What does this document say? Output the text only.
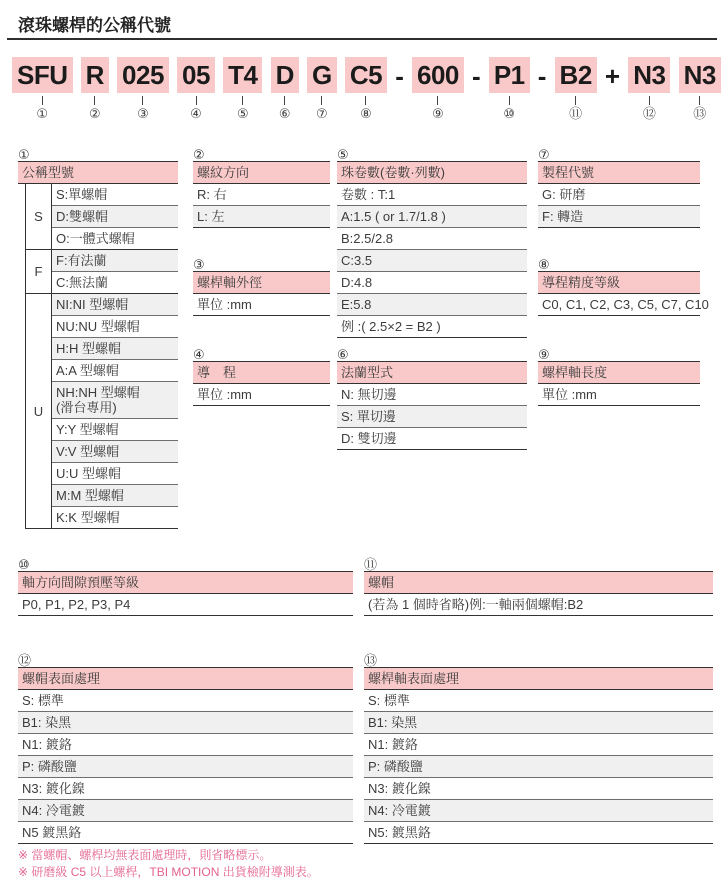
滾珠螺桿的公稱代號
SFU
①
R
②
025
③
05
④
T4
⑤
D
⑥
G
⑦
C5
⑧
- 600
⑨
- P1
⑩
- B2
⑪
+ N3
⑫
N3
⑬
①
公稱型號
S
S:單螺帽
D:雙螺帽
O:一體式螺帽
F
F:有法蘭
C:無法蘭
U
NI:NI 型螺帽
NU:NU 型螺帽
H:H 型螺帽
A:A 型螺帽
NH:NH 型螺帽
(滑台專用)
Y:Y 型螺帽
V:V 型螺帽
U:U 型螺帽
M:M 型螺帽
K:K 型螺帽
②
螺紋方向
R: 右
L: 左
③
螺桿軸外徑
單位 :mm
④
導　程
單位 :mm
⑤
珠卷數(卷數·列數)
卷數 : T:1
A:1.5 ( or 1.7/1.8 )
B:2.5/2.8
C:3.5
D:4.8
E:5.8
例 :( 2.5×2 = B2 )
⑥
法蘭型式
N: 無切邊
S: 單切邊
D: 雙切邊
⑦
製程代號
G: 研磨
F: 轉造
⑧
導程精度等級
C0, C1, C2, C3, C5, C7, C10
⑨
螺桿軸長度
單位 :mm
⑩
軸方向間隙預壓等級
P0, P1, P2, P3, P4
⑪
螺帽
(若為 1 個時省略)例:一軸兩個螺帽:B2
⑫
螺帽表面處理
S: 標準
B1: 染黑
N1: 鍍鉻
P: 磷酸鹽
N3: 鍍化鎳
N4: 冷電鍍
N5 鍍黑鉻
⑬
螺桿軸表面處理
S: 標準
B1: 染黑
N1: 鍍鉻
P: 磷酸鹽
N3: 鍍化鎳
N4: 冷電鍍
N5: 鍍黑鉻
※ 當螺帽、螺桿均無表面處理時，則省略標示。
※ 研磨級 C5 以上螺桿，TBI MOTION 出貨檢附導測表。
